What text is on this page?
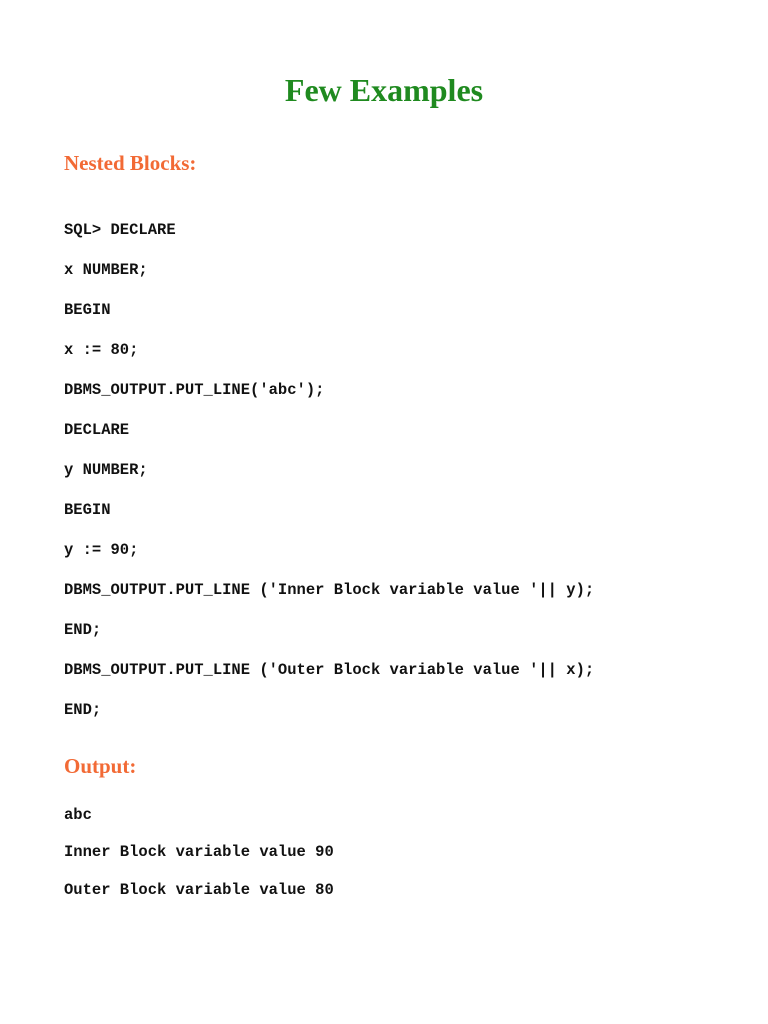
Few Examples
Nested Blocks:

SQL> DECLARE

x NUMBER;

BEGIN

x := 80;

DBMS_OUTPUT.PUT_LINE('abc');

DECLARE

y NUMBER;

BEGIN

y := 90;

DBMS_OUTPUT.PUT_LINE ('Inner Block variable value '|| y);

END;

DBMS_OUTPUT.PUT_LINE ('Outer Block variable value '|| x);

END;

Output:

abc

Inner Block variable value 90

Outer Block variable value 80
